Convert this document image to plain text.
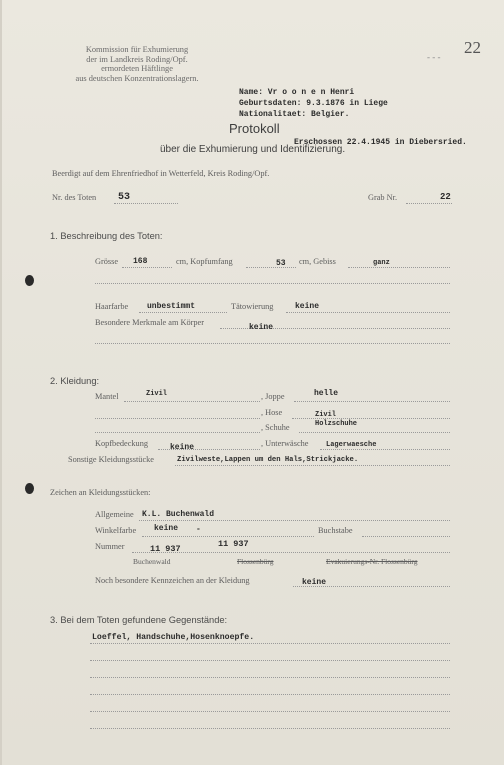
Kommission für Exhumierung
der im Landkreis Roding/Opf.
ermordeten Häftlinge
aus deutschen Konzentrationslagern.
22
- - -
Name: Vr o o n e n Henri
Geburtsdaten: 9.3.1876 in Liege
Nationalitaet: Belgier.
Protokoll
Erschossen 22.4.1945 in Diebersried.
über die Exhumierung und Identifizierung.
Beerdigt auf dem Ehrenfriedhof in Wetterfeld, Kreis Roding/Opf.
Nr. des Toten 53	Grab Nr.	22
1. Beschreibung des Toten:
Grösse 168	cm, Kopfumfang	53 cm, Gebiss	ganz
Haarfarbe unbestimmt	Tätowierung	keine
Besondere Merkmale am Körper
keine
2. Kleidung:
Mantel	Zivil	, Joppe	helle
, Hose	Zivil
, Schuhe	Holzschuhe
Kopfbedeckung	keine	, Unterwäsche	Lagerwaesche
Sonstige Kleidungsstücke	Zivilweste,Lappen um den Hals,Strickjacke.
Zeichen an Kleidungsstücken:
Allgemeine K.L. Buchenwald
Winkelfarbe keine -	Buchstabe
Nummer	11 937	11 937
Buchenwald	Flossenbürg	Evakuierungs-Nr. Flossenbürg
Noch besondere Kennzeichen an der Kleidung	keine
3. Bei dem Toten gefundene Gegenstände:
Loeffel, Handschuhe,Hosenknoepfe.
